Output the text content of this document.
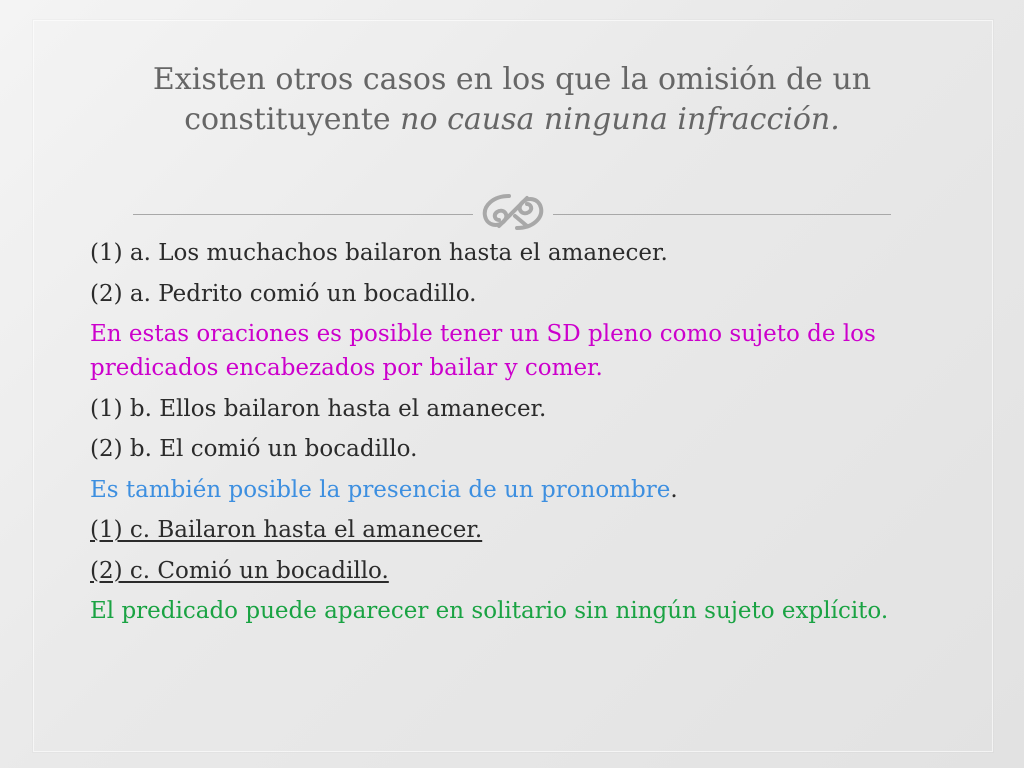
Existen otros casos en los que la omisión de un
constituyente no causa ninguna infracción.
(1) a. Los muchachos bailaron hasta el amanecer.
(2) a. Pedrito comió un bocadillo.
En estas oraciones es posible tener un SD pleno como sujeto de los predicados encabezados por bailar y comer.
(1) b. Ellos bailaron hasta el amanecer.
(2) b. El comió un bocadillo.
Es también posible la presencia de un pronombre.
(1) c. Bailaron hasta el amanecer.
(2) c. Comió un bocadillo.
El predicado puede aparecer en solitario sin ningún sujeto explícito.
